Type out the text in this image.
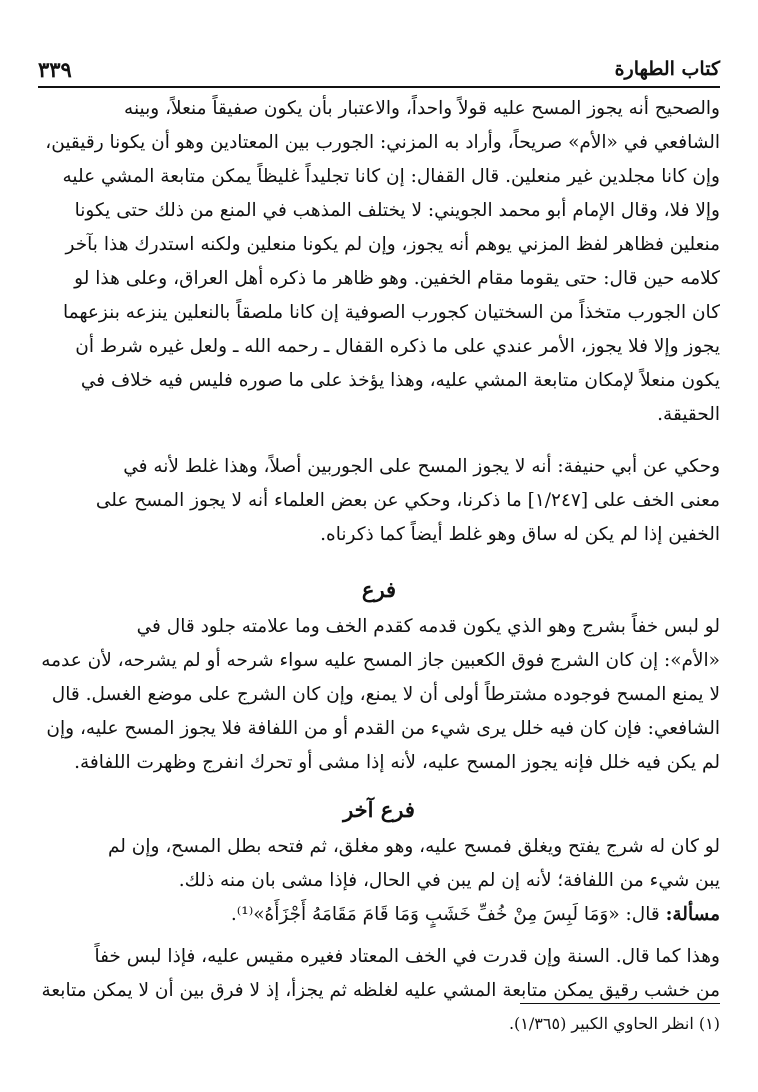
كتاب الطهارة
٣٣٩
والصحيح أنه يجوز المسح عليه قولاً واحداً، والاعتبار بأن يكون صفيقاً منعلاً، وبينه
الشافعي في «الأم» صريحاً، وأراد به المزني: الجورب بين المعتادين وهو أن يكونا رقيقين،
وإن كانا مجلدين غير منعلين. قال القفال: إن كانا تجليداً غليظاً يمكن متابعة المشي عليه
وإلا فلا، وقال الإمام أبو محمد الجويني: لا يختلف المذهب في المنع من ذلك حتى يكونا
منعلين فظاهر لفظ المزني يوهم أنه يجوز، وإن لم يكونا منعلين ولكنه استدرك هذا بآخر
كلامه حين قال: حتى يقوما مقام الخفين. وهو ظاهر ما ذكره أهل العراق، وعلى هذا لو
كان الجورب متخذاً من السختيان كجورب الصوفية إن كانا ملصقاً بالنعلين ينزعه بنزعهما
يجوز وإلا فلا يجوز، الأمر عندي على ما ذكره القفال ـ رحمه الله ـ ولعل غيره شرط أن
يكون منعلاً لإمكان متابعة المشي عليه، وهذا يؤخذ على ما صوره فليس فيه خلاف في
الحقيقة.
وحكي عن أبي حنيفة: أنه لا يجوز المسح على الجوربين أصلاً، وهذا غلط لأنه في
معنى الخف على [١/٢٤٧] ما ذكرنا، وحكي عن بعض العلماء أنه لا يجوز المسح على
الخفين إذا لم يكن له ساق وهو غلط أيضاً كما ذكرناه.
فرع
لو لبس خفاً بشرج وهو الذي يكون قدمه كقدم الخف وما علامته جلود قال في
«الأم»: إن كان الشرج فوق الكعبين جاز المسح عليه سواء شرحه أو لم يشرحه، لأن عدمه
لا يمنع المسح فوجوده مشترطاً أولى أن لا يمنع، وإن كان الشرج على موضع الغسل. قال
الشافعي: فإن كان فيه خلل يرى شيء من القدم أو من اللفافة فلا يجوز المسح عليه، وإن
لم يكن فيه خلل فإنه يجوز المسح عليه، لأنه إذا مشى أو تحرك انفرج وظهرت اللفافة.
فرع آخر
لو كان له شرج يفتح ويغلق فمسح عليه، وهو مغلق، ثم فتحه بطل المسح، وإن لم
يبن شيء من اللفافة؛ لأنه إن لم يبن في الحال، فإذا مشى بان منه ذلك.
مسألة: قال: «وَمَا لَبِسَ مِنْ خُفِّ خَشَبٍ وَمَا قَامَ مَقَامَهُ أَجْزَأَهُ»⁽¹⁾.
وهذا كما قال. السنة وإن قدرت في الخف المعتاد فغيره مقيس عليه، فإذا لبس خفاً
من خشب رقيق يمكن متابعة المشي عليه لغلظه ثم يجزأ، إذ لا فرق بين أن لا يمكن متابعة
(١) انظر الحاوي الكبير (١/٣٦٥).
